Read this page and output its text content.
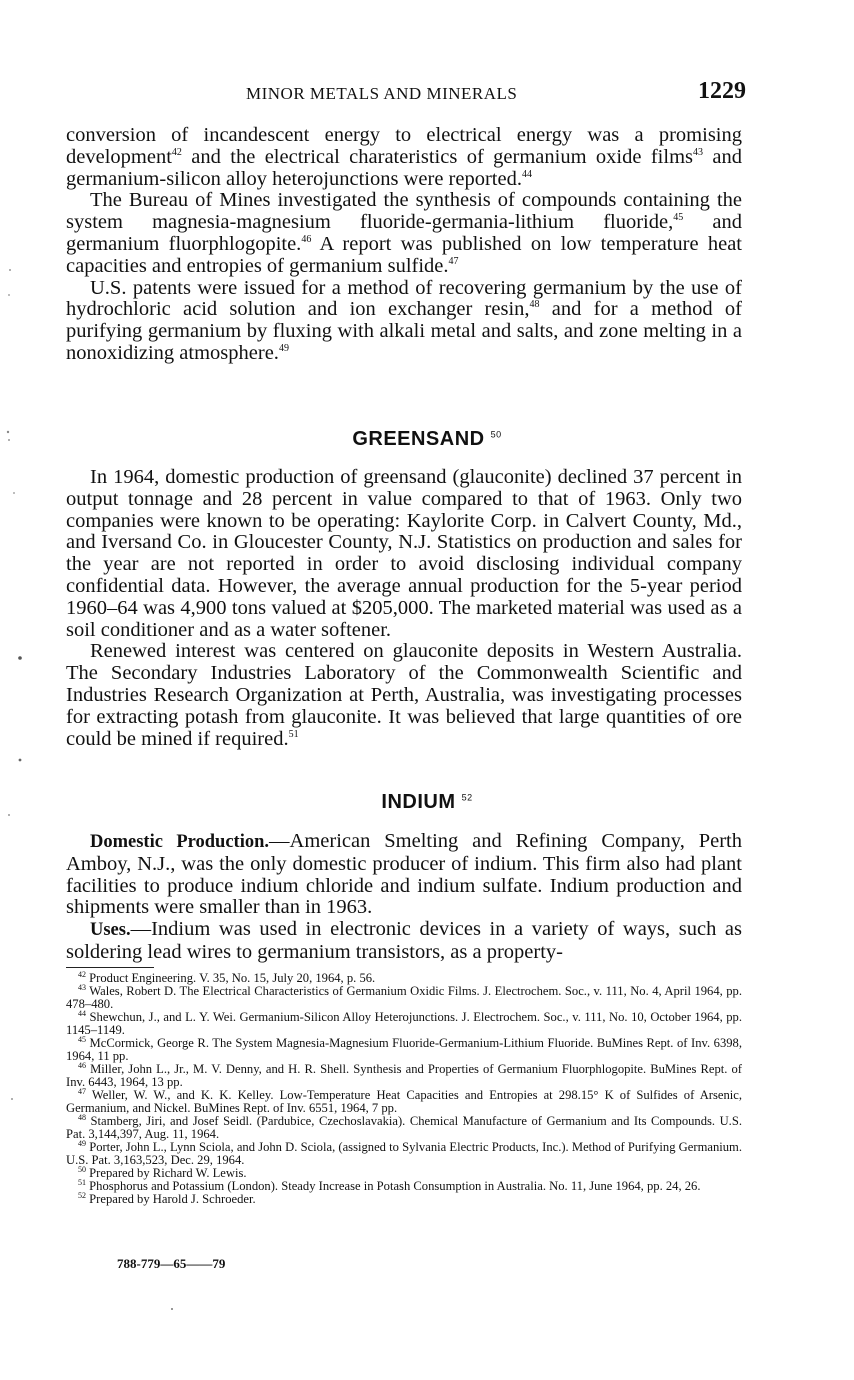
MINOR METALS AND MINERALS	1229

conversion of incandescent energy to electrical energy was a promising development$^{42}$ and the electrical charateristics of germanium oxide films$^{43}$ and germanium-silicon alloy heterojunctions were reported.$^{44}$

The Bureau of Mines investigated the synthesis of compounds containing the system magnesia-magnesium fluoride-germania-lithium fluoride,$^{45}$ and germanium fluorphlogopite.$^{46}$ A report was published on low temperature heat capacities and entropies of germanium sulfide.$^{47}$

U.S. patents were issued for a method of recovering germanium by the use of hydrochloric acid solution and ion exchanger resin,$^{48}$ and for a method of purifying germanium by fluxing with alkali metal and salts, and zone melting in a nonoxidizing atmosphere.$^{49}$

GREENSAND $^{50}$

In 1964, domestic production of greensand (glauconite) declined 37 percent in output tonnage and 28 percent in value compared to that of 1963. Only two companies were known to be operating: Kaylorite Corp. in Calvert County, Md., and Iversand Co. in Gloucester County, N.J. Statistics on production and sales for the year are not reported in order to avoid disclosing individual company confidential data. However, the average annual production for the 5-year period 1960–64 was 4,900 tons valued at $205,000. The marketed material was used as a soil conditioner and as a water softener.

Renewed interest was centered on glauconite deposits in Western Australia. The Secondary Industries Laboratory of the Commonwealth Scientific and Industries Research Organization at Perth, Australia, was investigating processes for extracting potash from glauconite. It was believed that large quantities of ore could be mined if required.$^{51}$

INDIUM $^{52}$

Domestic Production.—American Smelting and Refining Company, Perth Amboy, N.J., was the only domestic producer of indium. This firm also had plant facilities to produce indium chloride and indium sulfate. Indium production and shipments were smaller than in 1963.

Uses.—Indium was used in electronic devices in a variety of ways, such as soldering lead wires to germanium transistors, as a property-

$^{42}$ Product Engineering. V. 35, No. 15, July 20, 1964, p. 56.

$^{43}$ Wales, Robert D. The Electrical Characteristics of Germanium Oxidic Films. J. Electrochem. Soc., v. 111, No. 4, April 1964, pp. 478–480.

$^{44}$ Shewchun, J., and L. Y. Wei. Germanium-Silicon Alloy Heterojunctions. J. Electrochem. Soc., v. 111, No. 10, October 1964, pp. 1145–1149.

$^{45}$ McCormick, George R. The System Magnesia-Magnesium Fluoride-Germanium-Lithium Fluoride. BuMines Rept. of Inv. 6398, 1964, 11 pp.

$^{46}$ Miller, John L., Jr., M. V. Denny, and H. R. Shell. Synthesis and Properties of Germanium Fluorphlogopite. BuMines Rept. of Inv. 6443, 1964, 13 pp.

$^{47}$ Weller, W. W., and K. K. Kelley. Low-Temperature Heat Capacities and Entropies at 298.15° K of Sulfides of Arsenic, Germanium, and Nickel. BuMines Rept. of Inv. 6551, 1964, 7 pp.

$^{48}$ Stamberg, Jiri, and Josef Seidl. (Pardubice, Czechoslavakia). Chemical Manufacture of Germanium and Its Compounds. U.S. Pat. 3,144,397, Aug. 11, 1964.

$^{49}$ Porter, John L., Lynn Sciola, and John D. Sciola, (assigned to Sylvania Electric Products, Inc.). Method of Purifying Germanium. U.S. Pat. 3,163,523, Dec. 29, 1964.

$^{50}$ Prepared by Richard W. Lewis.

$^{51}$ Phosphorus and Potassium (London). Steady Increase in Potash Consumption in Australia. No. 11, June 1964, pp. 24, 26.

$^{52}$ Prepared by Harold J. Schroeder.

788-779—65——79
